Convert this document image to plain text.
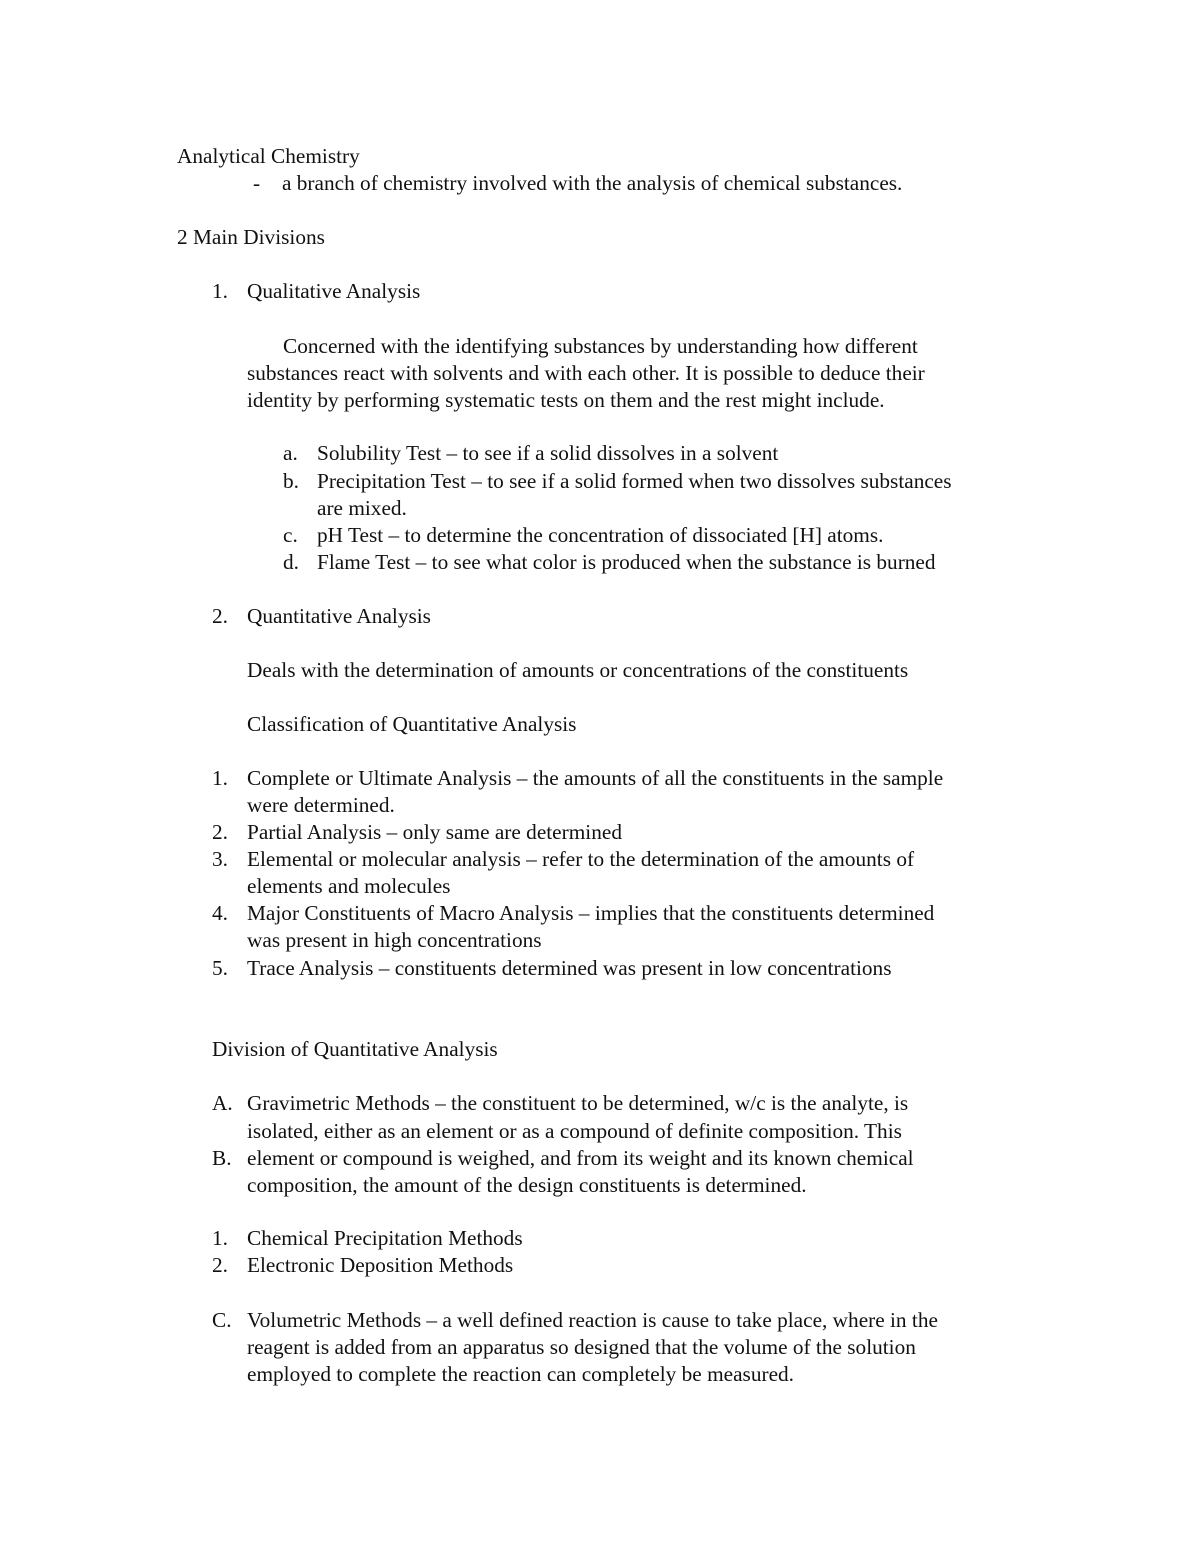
Analytical Chemistry
- a branch of chemistry involved with the analysis of chemical substances.
2 Main Divisions
1. Qualitative Analysis
Concerned with the identifying substances by understanding how different
substances react with solvents and with each other. It is possible to deduce their
identity by performing systematic tests on them and the rest might include.
a. Solubility Test – to see if a solid dissolves in a solvent
b. Precipitation Test – to see if a solid formed when two dissolves substances
are mixed.
c. pH Test – to determine the concentration of dissociated [H] atoms.
d. Flame Test – to see what color is produced when the substance is burned
2. Quantitative Analysis
Deals with the determination of amounts or concentrations of the constituents
Classification of Quantitative Analysis
1. Complete or Ultimate Analysis – the amounts of all the constituents in the sample
were determined.
2. Partial Analysis – only same are determined
3. Elemental or molecular analysis – refer to the determination of the amounts of
elements and molecules
4. Major Constituents of Macro Analysis – implies that the constituents determined
was present in high concentrations
5. Trace Analysis – constituents determined was present in low concentrations
Division of Quantitative Analysis
A. Gravimetric Methods – the constituent to be determined, w/c is the analyte, is
isolated, either as an element or as a compound of definite composition. This
B. element or compound is weighed, and from its weight and its known chemical
composition, the amount of the design constituents is determined.
1. Chemical Precipitation Methods
2. Electronic Deposition Methods
C. Volumetric Methods – a well defined reaction is cause to take place, where in the
reagent is added from an apparatus so designed that the volume of the solution
employed to complete the reaction can completely be measured.
